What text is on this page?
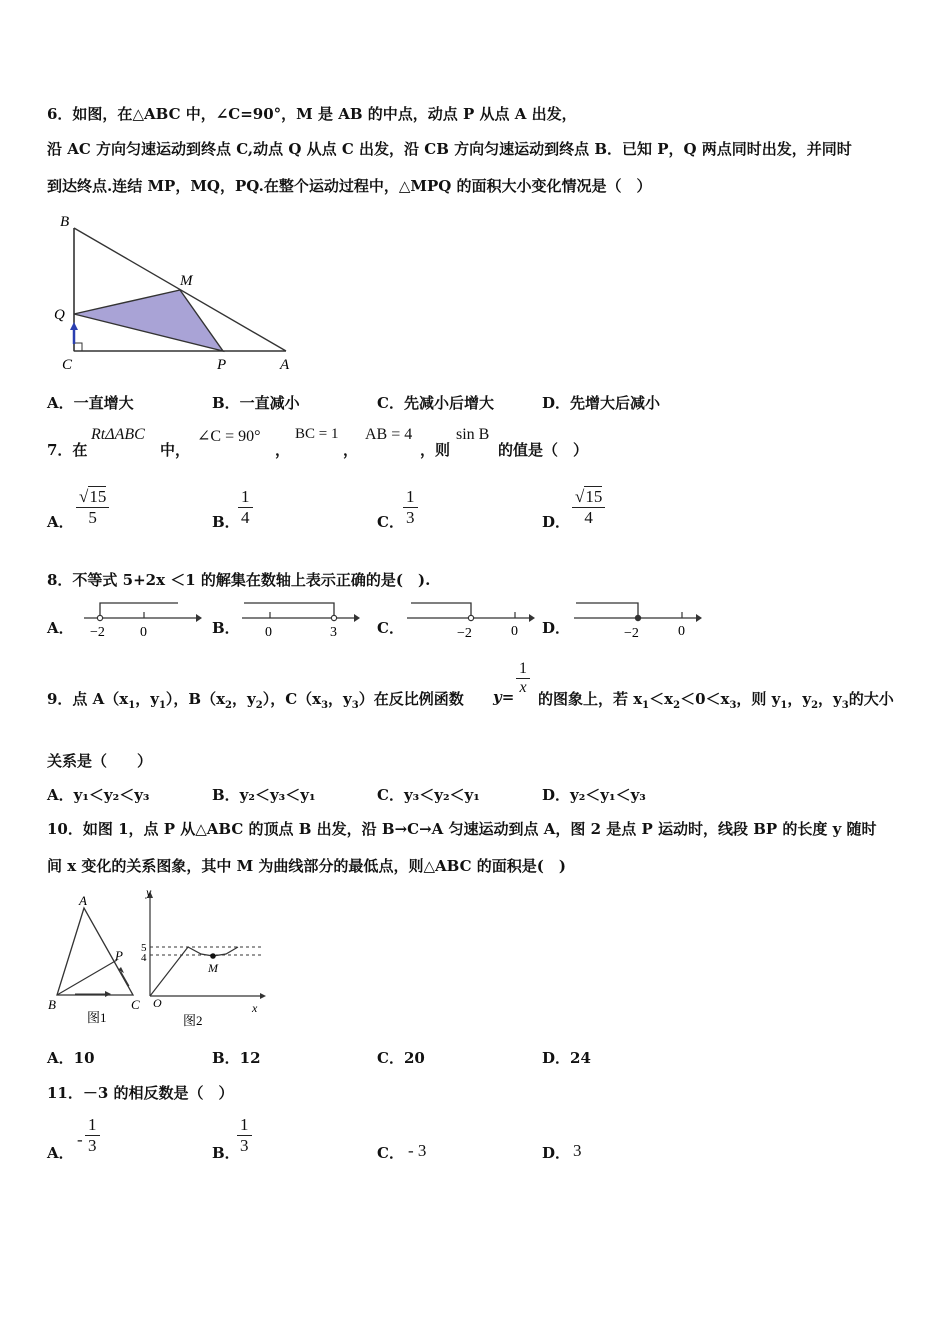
6．如图，在△ABC 中，∠C=90°，M 是 AB 的中点，动点 P 从点 A 出发，
沿 AC 方向匀速运动到终点 C,动点 Q 从点 C 出发，沿 CB 方向匀速运动到终点 B．已知 P，Q 两点同时出发，并同时
到达终点.连结 MP，MQ，PQ.在整个运动过程中，△MPQ 的面积大小变化情况是（　）
B
M
Q
C	P	A
A．一直增大	B．一直减小	C．先减小后增大	D．先增大后减小
7．在
RtΔABC
中，
∠C = 90°
，
BC = 1
，
AB = 4
，则
sin B
的值是（　）
A． $\frac{√15}{5}$	B．
$\frac{1}{4}$	C． $\frac{1}{3}$	D． $\frac{√15}{4}$
8．不等式 5+2x ＜1 的解集在数轴上表示正确的是(　).
A． −2	0	B． 0	3	C．	−2	0 D．	−2	0
9．点 $A(x_1$，$y_1$），$B(x_2$，$y_2$），$C(x_3$，$y_3$）在反比例函数 $y= \frac{1}{x}$
的图象上，若 $x_1<x_2<0<x_3$，则 $y_1$，$y_2$，$y_3$的大小
关系是（　　）
A．y₁＜y₂＜y₃	B．y₂＜y₃＜y₁	C．y₃＜y₂＜y₁	D．y₂＜y₁＜y₃
10．如图 1，点 P 从△ABC 的顶点 B 出发，沿 B→C→A 匀速运动到点 A，图 2 是点 P 运动时，线段 BP 的长度 y 随时
间 x 变化的关系图象，其中 M 为曲线部分的最低点，则△ABC 的面积是(　)
A
B	C
P
图1
y
x
O
5
4
M
图2
A．10	B．12	C．20	D．24
11．－3 的相反数是（　）
A．
- $\frac{1}{3}$	B．
$\frac{1}{3}$	C． - 3	D． 3
